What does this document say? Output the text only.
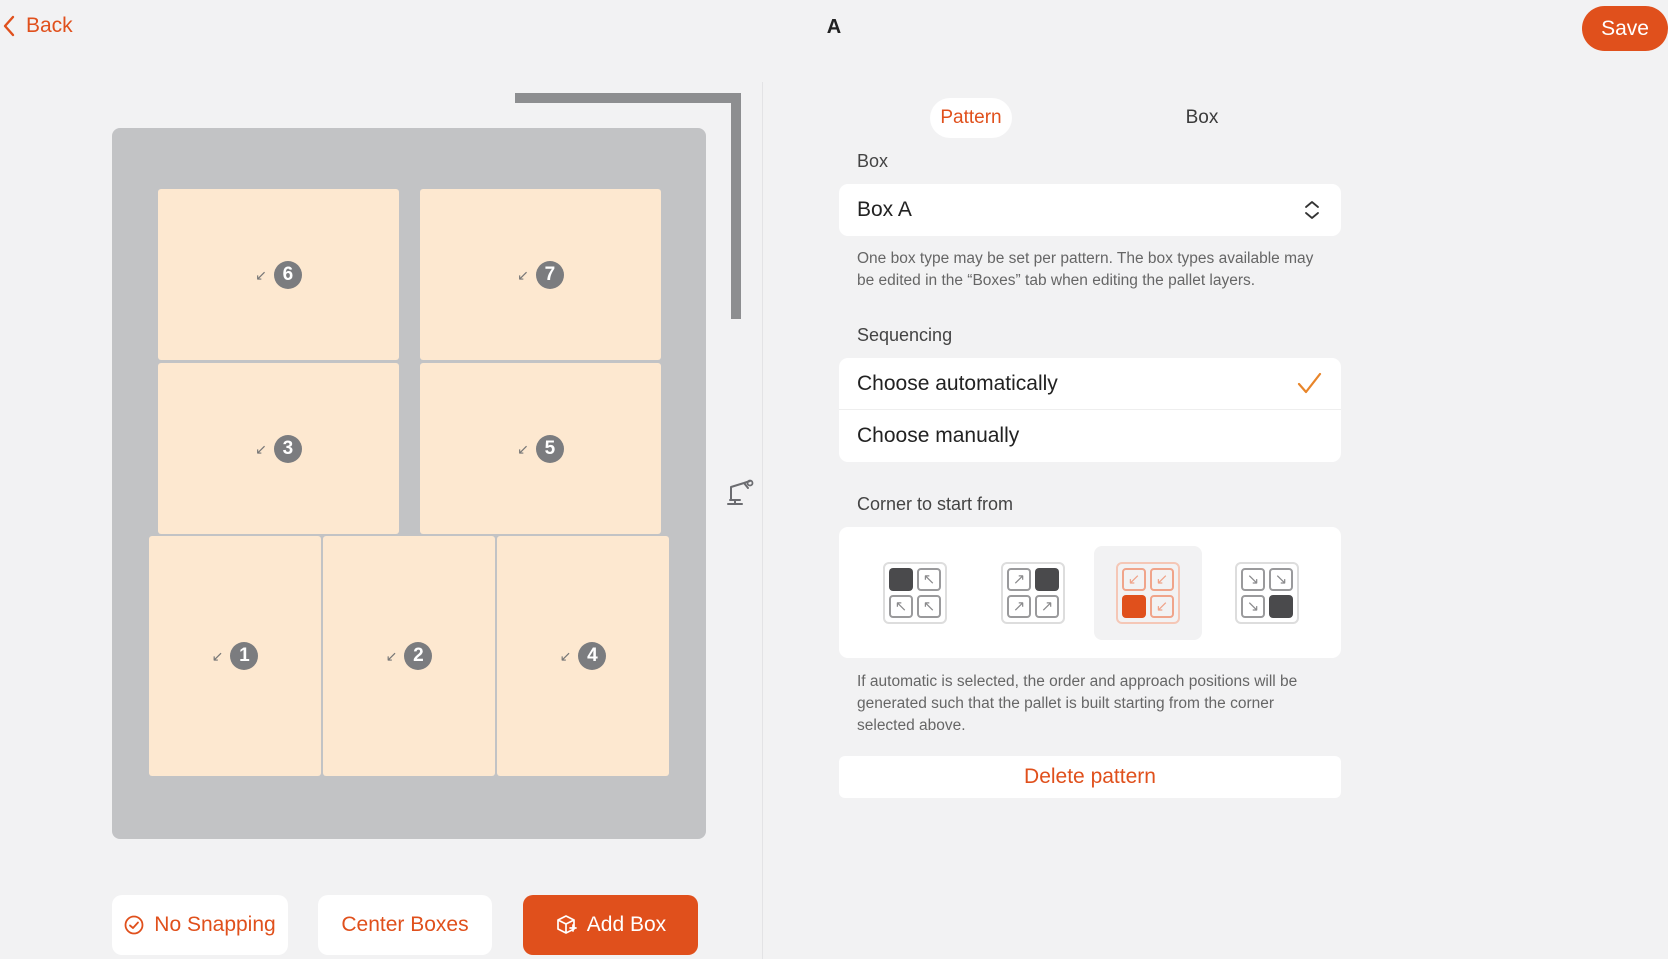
Back	A	Save
↙ 6	↙ 7
↙ 3	↙ 5
↙ 1	↙ 2	↙ 4
No Snapping	Center Boxes	Add Box
Pattern	Box
Box
Box A
One box type may be set per pattern. The box types available may be edited in the “Boxes” tab when editing the pallet layers.
Sequencing
Choose automatically
Choose manually
Corner to start from
↖
↖	↖
↗
↗	↗
↙	↙
↙
↘	↘
↘
If automatic is selected, the order and approach positions will be generated such that the pallet is built starting from the corner selected above.
Delete pattern
